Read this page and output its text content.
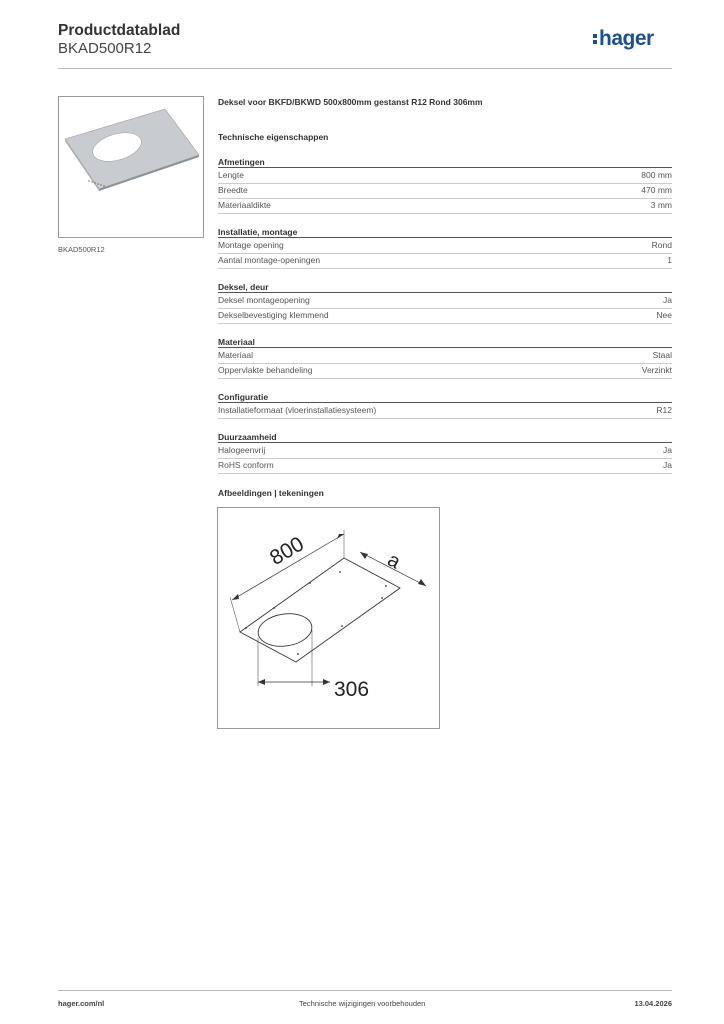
Productdatablad
BKAD500R12	hager
BKAD500R12
Deksel voor BKFD/BKWD 500x800mm gestanst R12 Rond 306mm
Technische eigenschappen
Afmetingen
Lengte	800 mm
Breedte	470 mm
Materiaaldikte	3 mm
Installatie, montage
Montage opening	Rond
Aantal montage-openingen	1
Deksel, deur
Deksel montageopening	Ja
Dekselbevestiging klemmend	Nee
Materiaal
Materiaal	Staal
Oppervlakte behandeling	Verzinkt
Configuratie
Installatieformaat (vloerinstallatiesysteem)	R12
Duurzaamheid
Halogeenvrij	Ja
RoHS conform	Ja
Afbeeldingen | tekeningen
800	a
306
hager.com/nl	Technische wijzigingen voorbehouden	13.04.2026
